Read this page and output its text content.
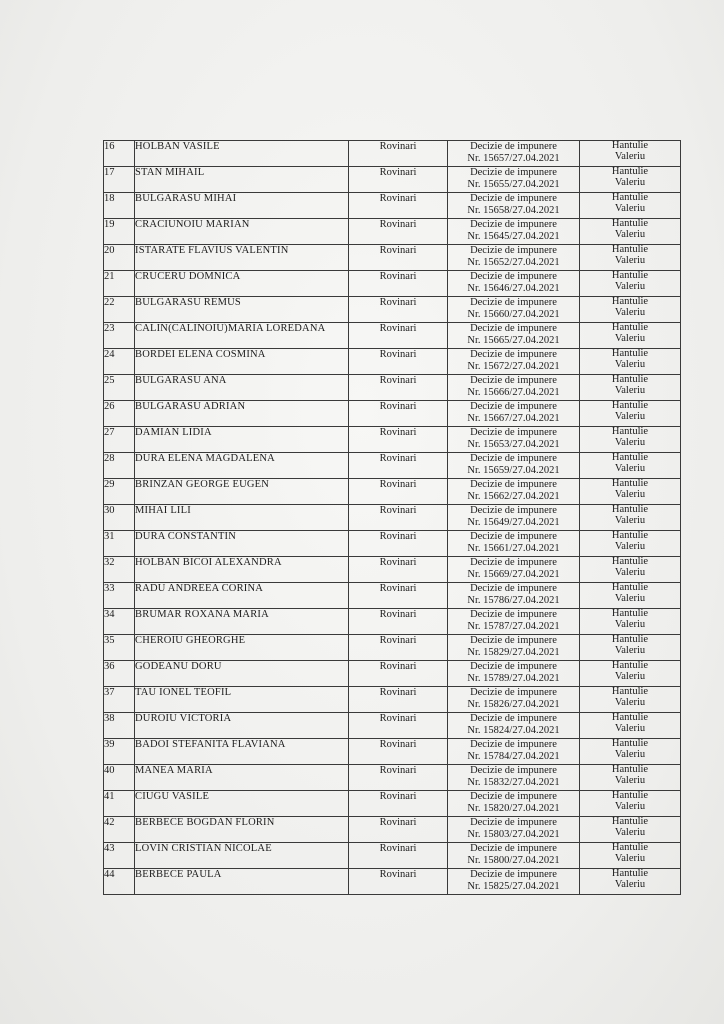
16	HOLBAN VASILE	Rovinari	Decizie de impunere
Nr. 15657/27.04.2021	Hantulie
Valeriu

17	STAN MIHAIL	Rovinari	Decizie de impunere
Nr. 15655/27.04.2021	Hantulie
Valeriu

18	BULGARASU MIHAI	Rovinari	Decizie de impunere
Nr. 15658/27.04.2021	Hantulie
Valeriu

19	CRACIUNOIU MARIAN	Rovinari	Decizie de impunere
Nr. 15645/27.04.2021	Hantulie
Valeriu

20	ISTARATE FLAVIUS VALENTIN	Rovinari	Decizie de impunere
Nr. 15652/27.04.2021	Hantulie
Valeriu

21	CRUCERU DOMNICA	Rovinari	Decizie de impunere
Nr. 15646/27.04.2021	Hantulie
Valeriu

22	BULGARASU REMUS	Rovinari	Decizie de impunere
Nr. 15660/27.04.2021	Hantulie
Valeriu

23	CALIN(CALINOIU)MARIA LOREDANA	Rovinari	Decizie de impunere
Nr. 15665/27.04.2021	Hantulie
Valeriu

24	BORDEI ELENA COSMINA	Rovinari	Decizie de impunere
Nr. 15672/27.04.2021	Hantulie
Valeriu

25	BULGARASU ANA	Rovinari	Decizie de impunere
Nr. 15666/27.04.2021	Hantulie
Valeriu

26	BULGARASU ADRIAN	Rovinari	Decizie de impunere
Nr. 15667/27.04.2021	Hantulie
Valeriu

27	DAMIAN LIDIA	Rovinari	Decizie de impunere
Nr. 15653/27.04.2021	Hantulie
Valeriu

28	DURA ELENA MAGDALENA	Rovinari	Decizie de impunere
Nr. 15659/27.04.2021	Hantulie
Valeriu

29	BRINZAN GEORGE EUGEN	Rovinari	Decizie de impunere
Nr. 15662/27.04.2021	Hantulie
Valeriu

30	MIHAI LILI	Rovinari	Decizie de impunere
Nr. 15649/27.04.2021	Hantulie
Valeriu

31	DURA CONSTANTIN	Rovinari	Decizie de impunere
Nr. 15661/27.04.2021	Hantulie
Valeriu

32	HOLBAN BICOI ALEXANDRA	Rovinari	Decizie de impunere
Nr. 15669/27.04.2021	Hantulie
Valeriu

33	RADU ANDREEA CORINA	Rovinari	Decizie de impunere
Nr. 15786/27.04.2021	Hantulie
Valeriu

34	BRUMAR ROXANA MARIA	Rovinari	Decizie de impunere
Nr. 15787/27.04.2021	Hantulie
Valeriu

35	CHEROIU GHEORGHE	Rovinari	Decizie de impunere
Nr. 15829/27.04.2021	Hantulie
Valeriu

36	GODEANU DORU	Rovinari	Decizie de impunere
Nr. 15789/27.04.2021	Hantulie
Valeriu

37	TAU IONEL TEOFIL	Rovinari	Decizie de impunere
Nr. 15826/27.04.2021	Hantulie
Valeriu

38	DUROIU VICTORIA	Rovinari	Decizie de impunere
Nr. 15824/27.04.2021	Hantulie
Valeriu

39	BADOI STEFANITA FLAVIANA	Rovinari	Decizie de impunere
Nr. 15784/27.04.2021	Hantulie
Valeriu

40	MANEA MARIA	Rovinari	Decizie de impunere
Nr. 15832/27.04.2021	Hantulie
Valeriu

41	CIUGU VASILE	Rovinari	Decizie de impunere
Nr. 15820/27.04.2021	Hantulie
Valeriu

42	BERBECE BOGDAN FLORIN	Rovinari	Decizie de impunere
Nr. 15803/27.04.2021	Hantulie
Valeriu

43	LOVIN CRISTIAN NICOLAE	Rovinari	Decizie de impunere
Nr. 15800/27.04.2021	Hantulie
Valeriu

44	BERBECE PAULA	Rovinari	Decizie de impunere
Nr. 15825/27.04.2021	Hantulie
Valeriu
